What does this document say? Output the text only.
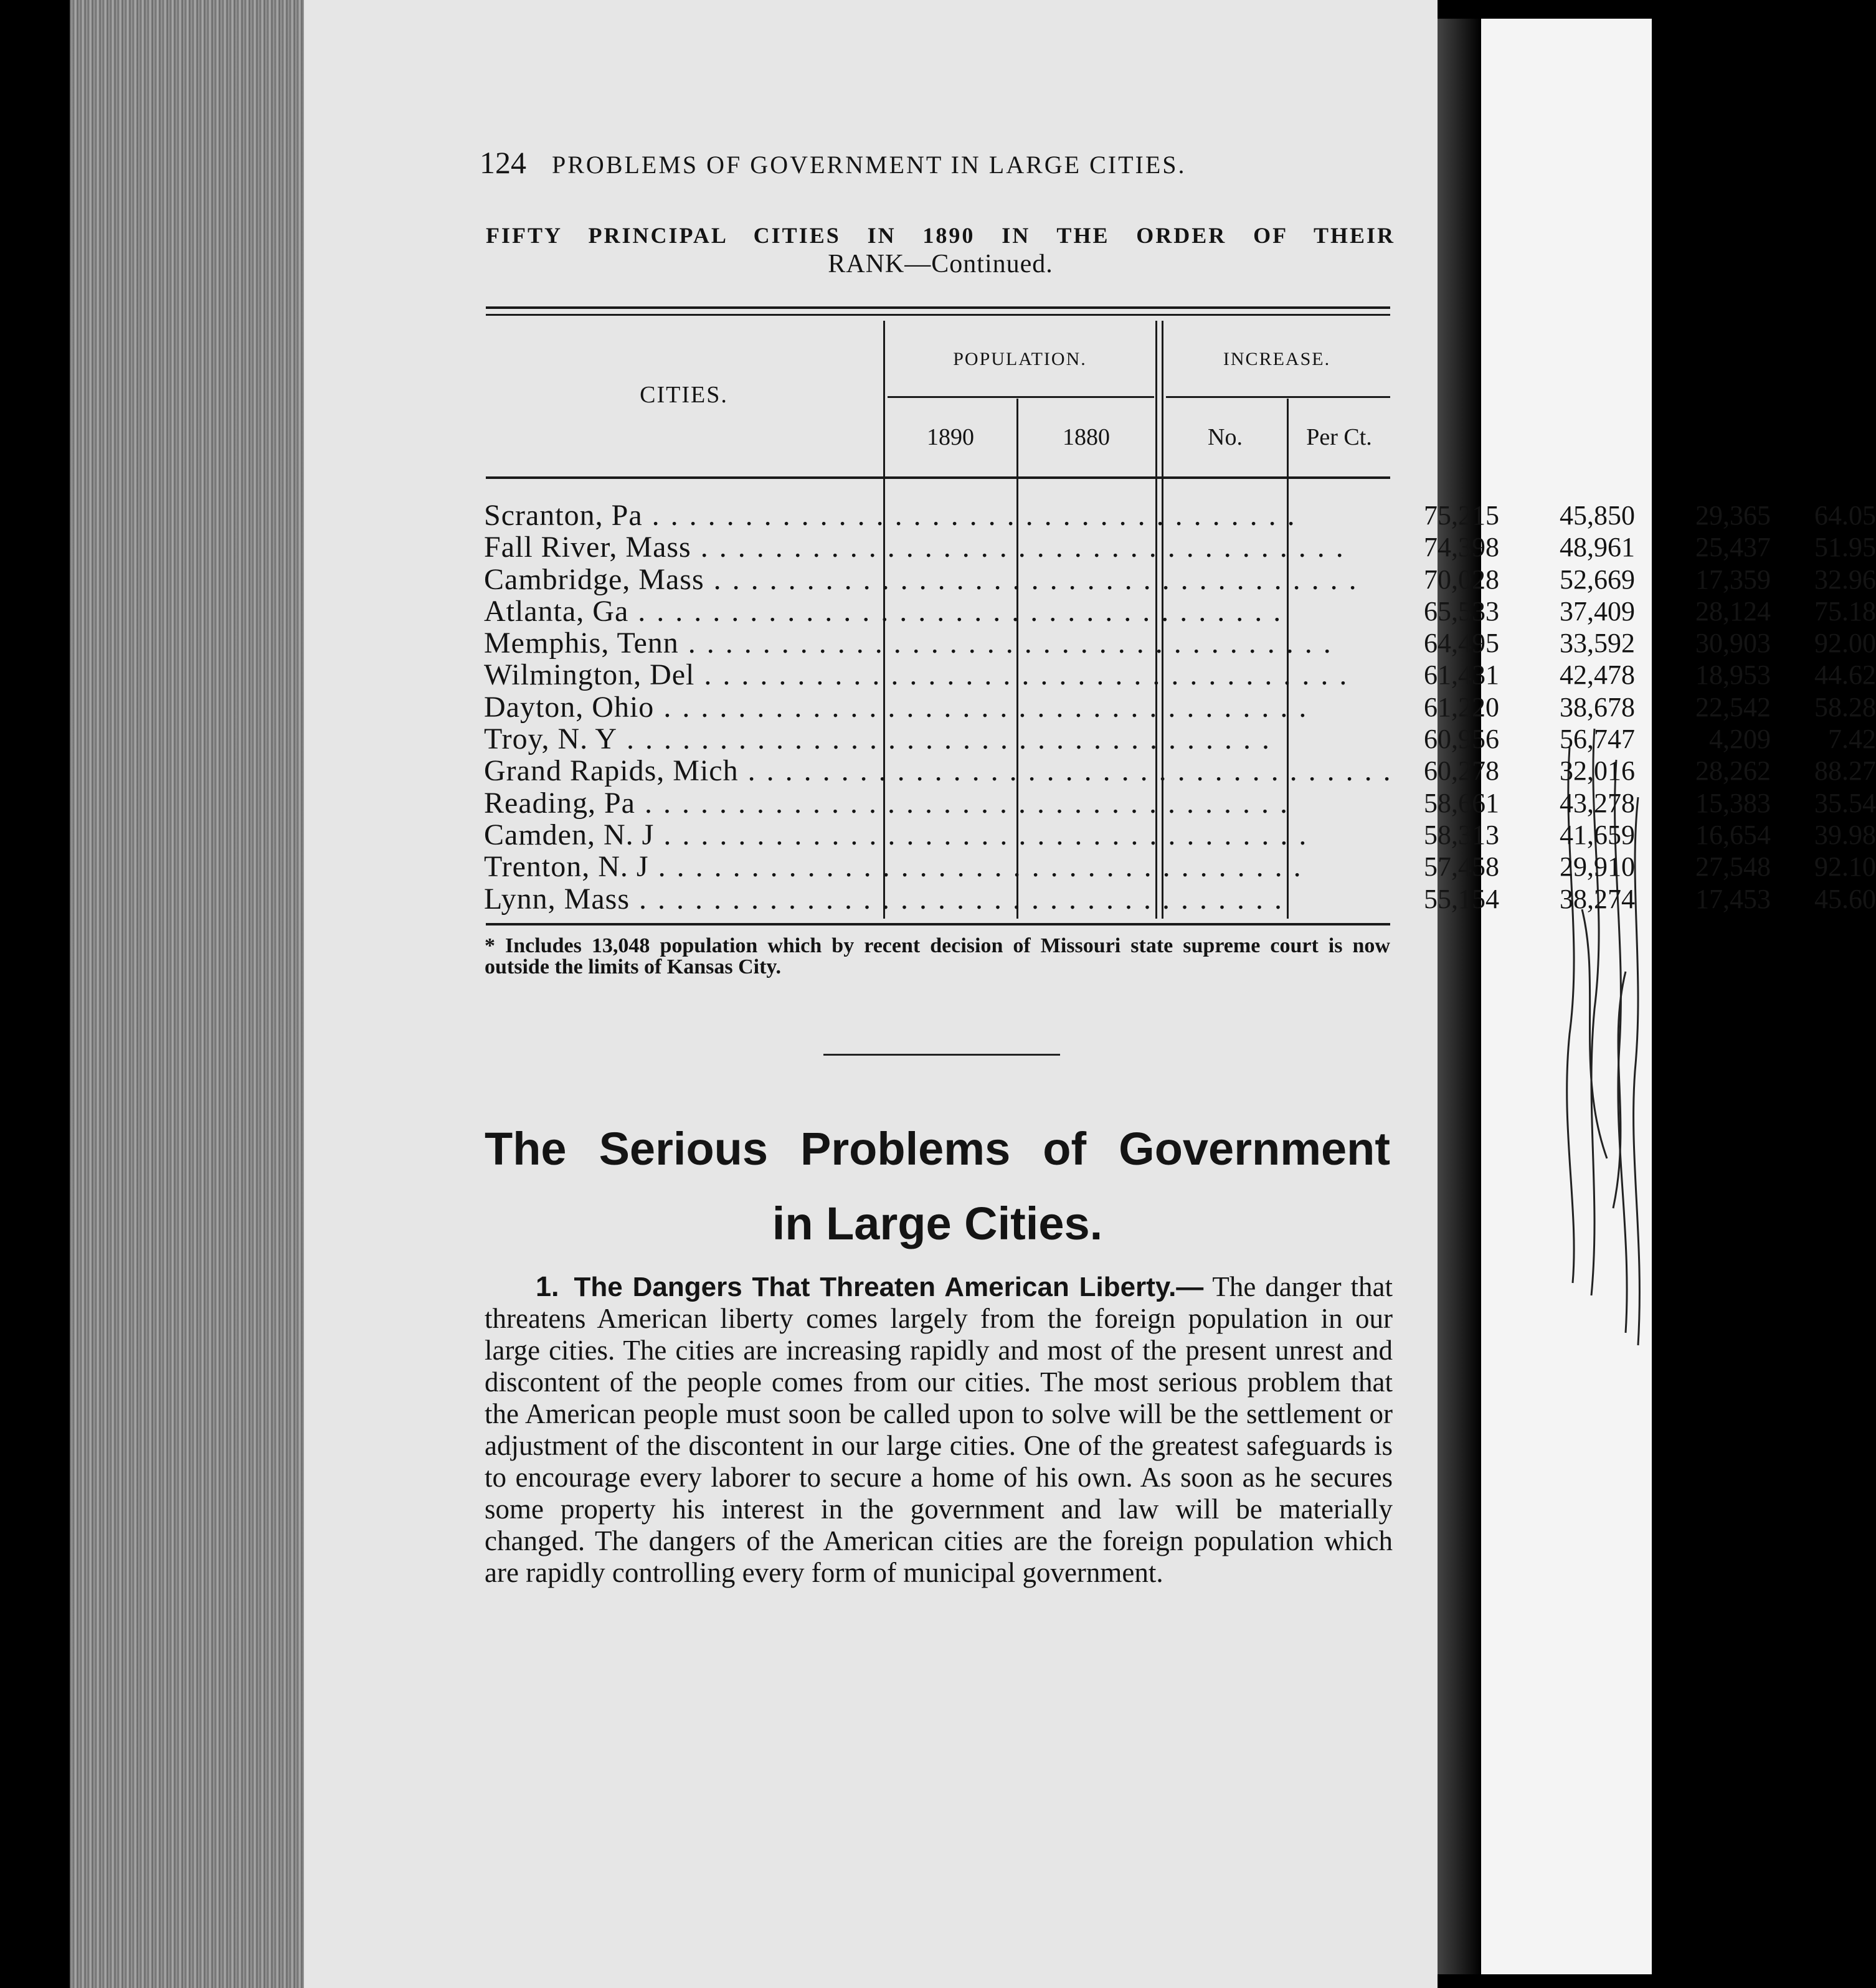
124 PROBLEMS OF GOVERNMENT IN LARGE CITIES.
FIFTY PRINCIPAL CITIES IN 1890 IN THE ORDER OF THEIR
RANK—Continued.
CITIES.
POPULATION.	INCREASE.
1890	1880	No.	Per Ct.
Scranton, Pa . . .	75,215	45,850	29,365	64.05
Fall River, Mass . . .	74,398	48,961	25,437	51.95
Cambridge, Mass . . .	70,028	52,669	17,359	32.96
Atlanta, Ga . . .	65,533	37,409	28,124	75.18
Memphis, Tenn . . .	64,495	33,592	30,903	92.00
Wilmington, Del . . .	61,431	42,478	18,953	44.62
Dayton, Ohio . . .	61,220	38,678	22,542	58.28
Troy, N. Y . . .	60,956	56,747	4,209	7.42
Grand Rapids, Mich . . .	60,278	32,016	28,262	88.27
Reading, Pa . . .	58,661	43,278	15,383	35.54
Camden, N. J . . .	58,313	41,659	16,654	39.98
Trenton, N. J . . .	57,458	29,910	27,548	92.10
Lynn, Mass . . .	55,154	38,274	17,453	45.60
* Includes 13,048 population which by recent decision of Missouri state supreme court is now outside the limits of Kansas City.
The Serious Problems of Government
in Large Cities.
1. The Dangers That Threaten American Liberty.— The danger that threatens American liberty comes largely from the foreign population in our large cities. The cities are increasing rapidly and most of the present unrest and discontent of the people comes from our cities. The most serious problem that the American people must soon be called upon to solve will be the settlement or adjustment of the discontent in our large cities. One of the greatest safeguards is to encourage every laborer to secure a home of his own. As soon as he secures some property his interest in the government and law will be materially changed. The dangers of the American cities are the foreign population which are rapidly controlling every form of municipal government.
